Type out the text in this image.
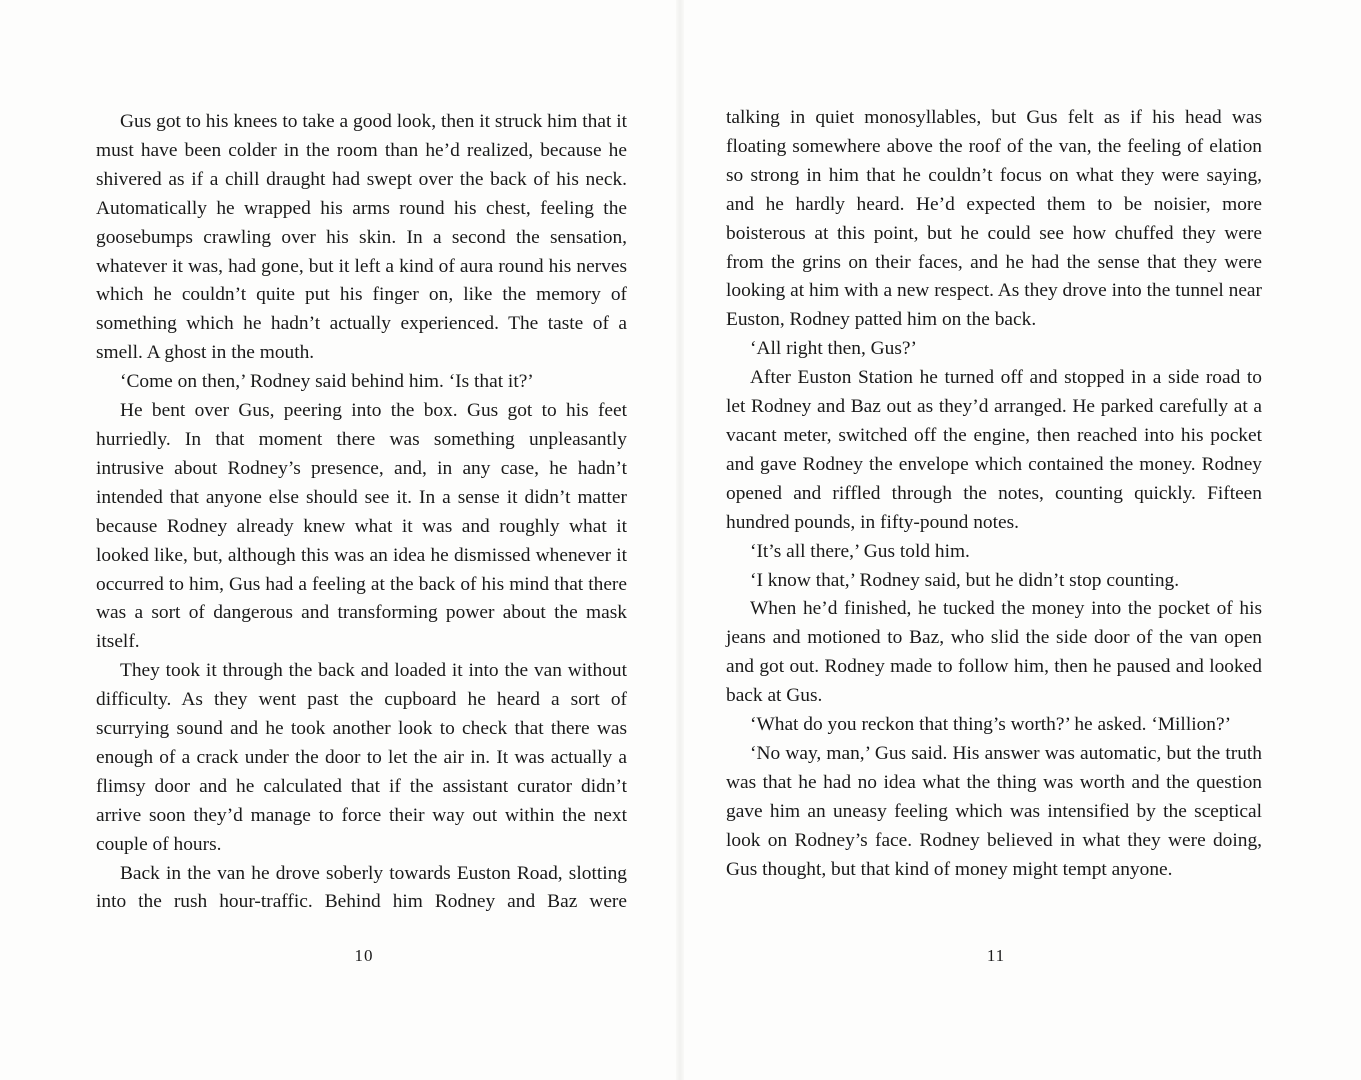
Gus got to his knees to take a good look, then it struck him that it must have been colder in the room than he’d realized, because he shivered as if a chill draught had swept over the back of his neck. Automatically he wrapped his arms round his chest, feeling the goosebumps crawling over his skin. In a second the sensation, whatever it was, had gone, but it left a kind of aura round his nerves which he couldn’t quite put his finger on, like the memory of something which he hadn’t actually experienced. The taste of a smell. A ghost in the mouth.

‘Come on then,’ Rodney said behind him. ‘Is that it?’

He bent over Gus, peering into the box. Gus got to his feet hurriedly. In that moment there was something unpleasantly intrusive about Rodney’s presence, and, in any case, he hadn’t intended that anyone else should see it. In a sense it didn’t matter because Rodney already knew what it was and roughly what it looked like, but, although this was an idea he dismissed whenever it occurred to him, Gus had a feeling at the back of his mind that there was a sort of dangerous and transforming power about the mask itself.

They took it through the back and loaded it into the van without difficulty. As they went past the cupboard he heard a sort of scurrying sound and he took another look to check that there was enough of a crack under the door to let the air in. It was actually a flimsy door and he calculated that if the assistant curator didn’t arrive soon they’d manage to force their way out within the next couple of hours.

Back in the van he drove soberly towards Euston Road, slotting into the rush hour-traffic. Behind him Rodney and Baz were

10

talking in quiet monosyllables, but Gus felt as if his head was floating somewhere above the roof of the van, the feeling of elation so strong in him that he couldn’t focus on what they were saying, and he hardly heard. He’d expected them to be noisier, more boisterous at this point, but he could see how chuffed they were from the grins on their faces, and he had the sense that they were looking at him with a new respect. As they drove into the tunnel near Euston, Rodney patted him on the back.

‘All right then, Gus?’

After Euston Station he turned off and stopped in a side road to let Rodney and Baz out as they’d arranged. He parked carefully at a vacant meter, switched off the engine, then reached into his pocket and gave Rodney the envelope which contained the money. Rodney opened and riffled through the notes, counting quickly. Fifteen hundred pounds, in fifty-pound notes.

‘It’s all there,’ Gus told him.

‘I know that,’ Rodney said, but he didn’t stop counting.

When he’d finished, he tucked the money into the pocket of his jeans and motioned to Baz, who slid the side door of the van open and got out. Rodney made to follow him, then he paused and looked back at Gus.

‘What do you reckon that thing’s worth?’ he asked. ‘Million?’

‘No way, man,’ Gus said. His answer was automatic, but the truth was that he had no idea what the thing was worth and the question gave him an uneasy feeling which was intensified by the sceptical look on Rodney’s face. Rodney believed in what they were doing, Gus thought, but that kind of money might tempt anyone.

11
